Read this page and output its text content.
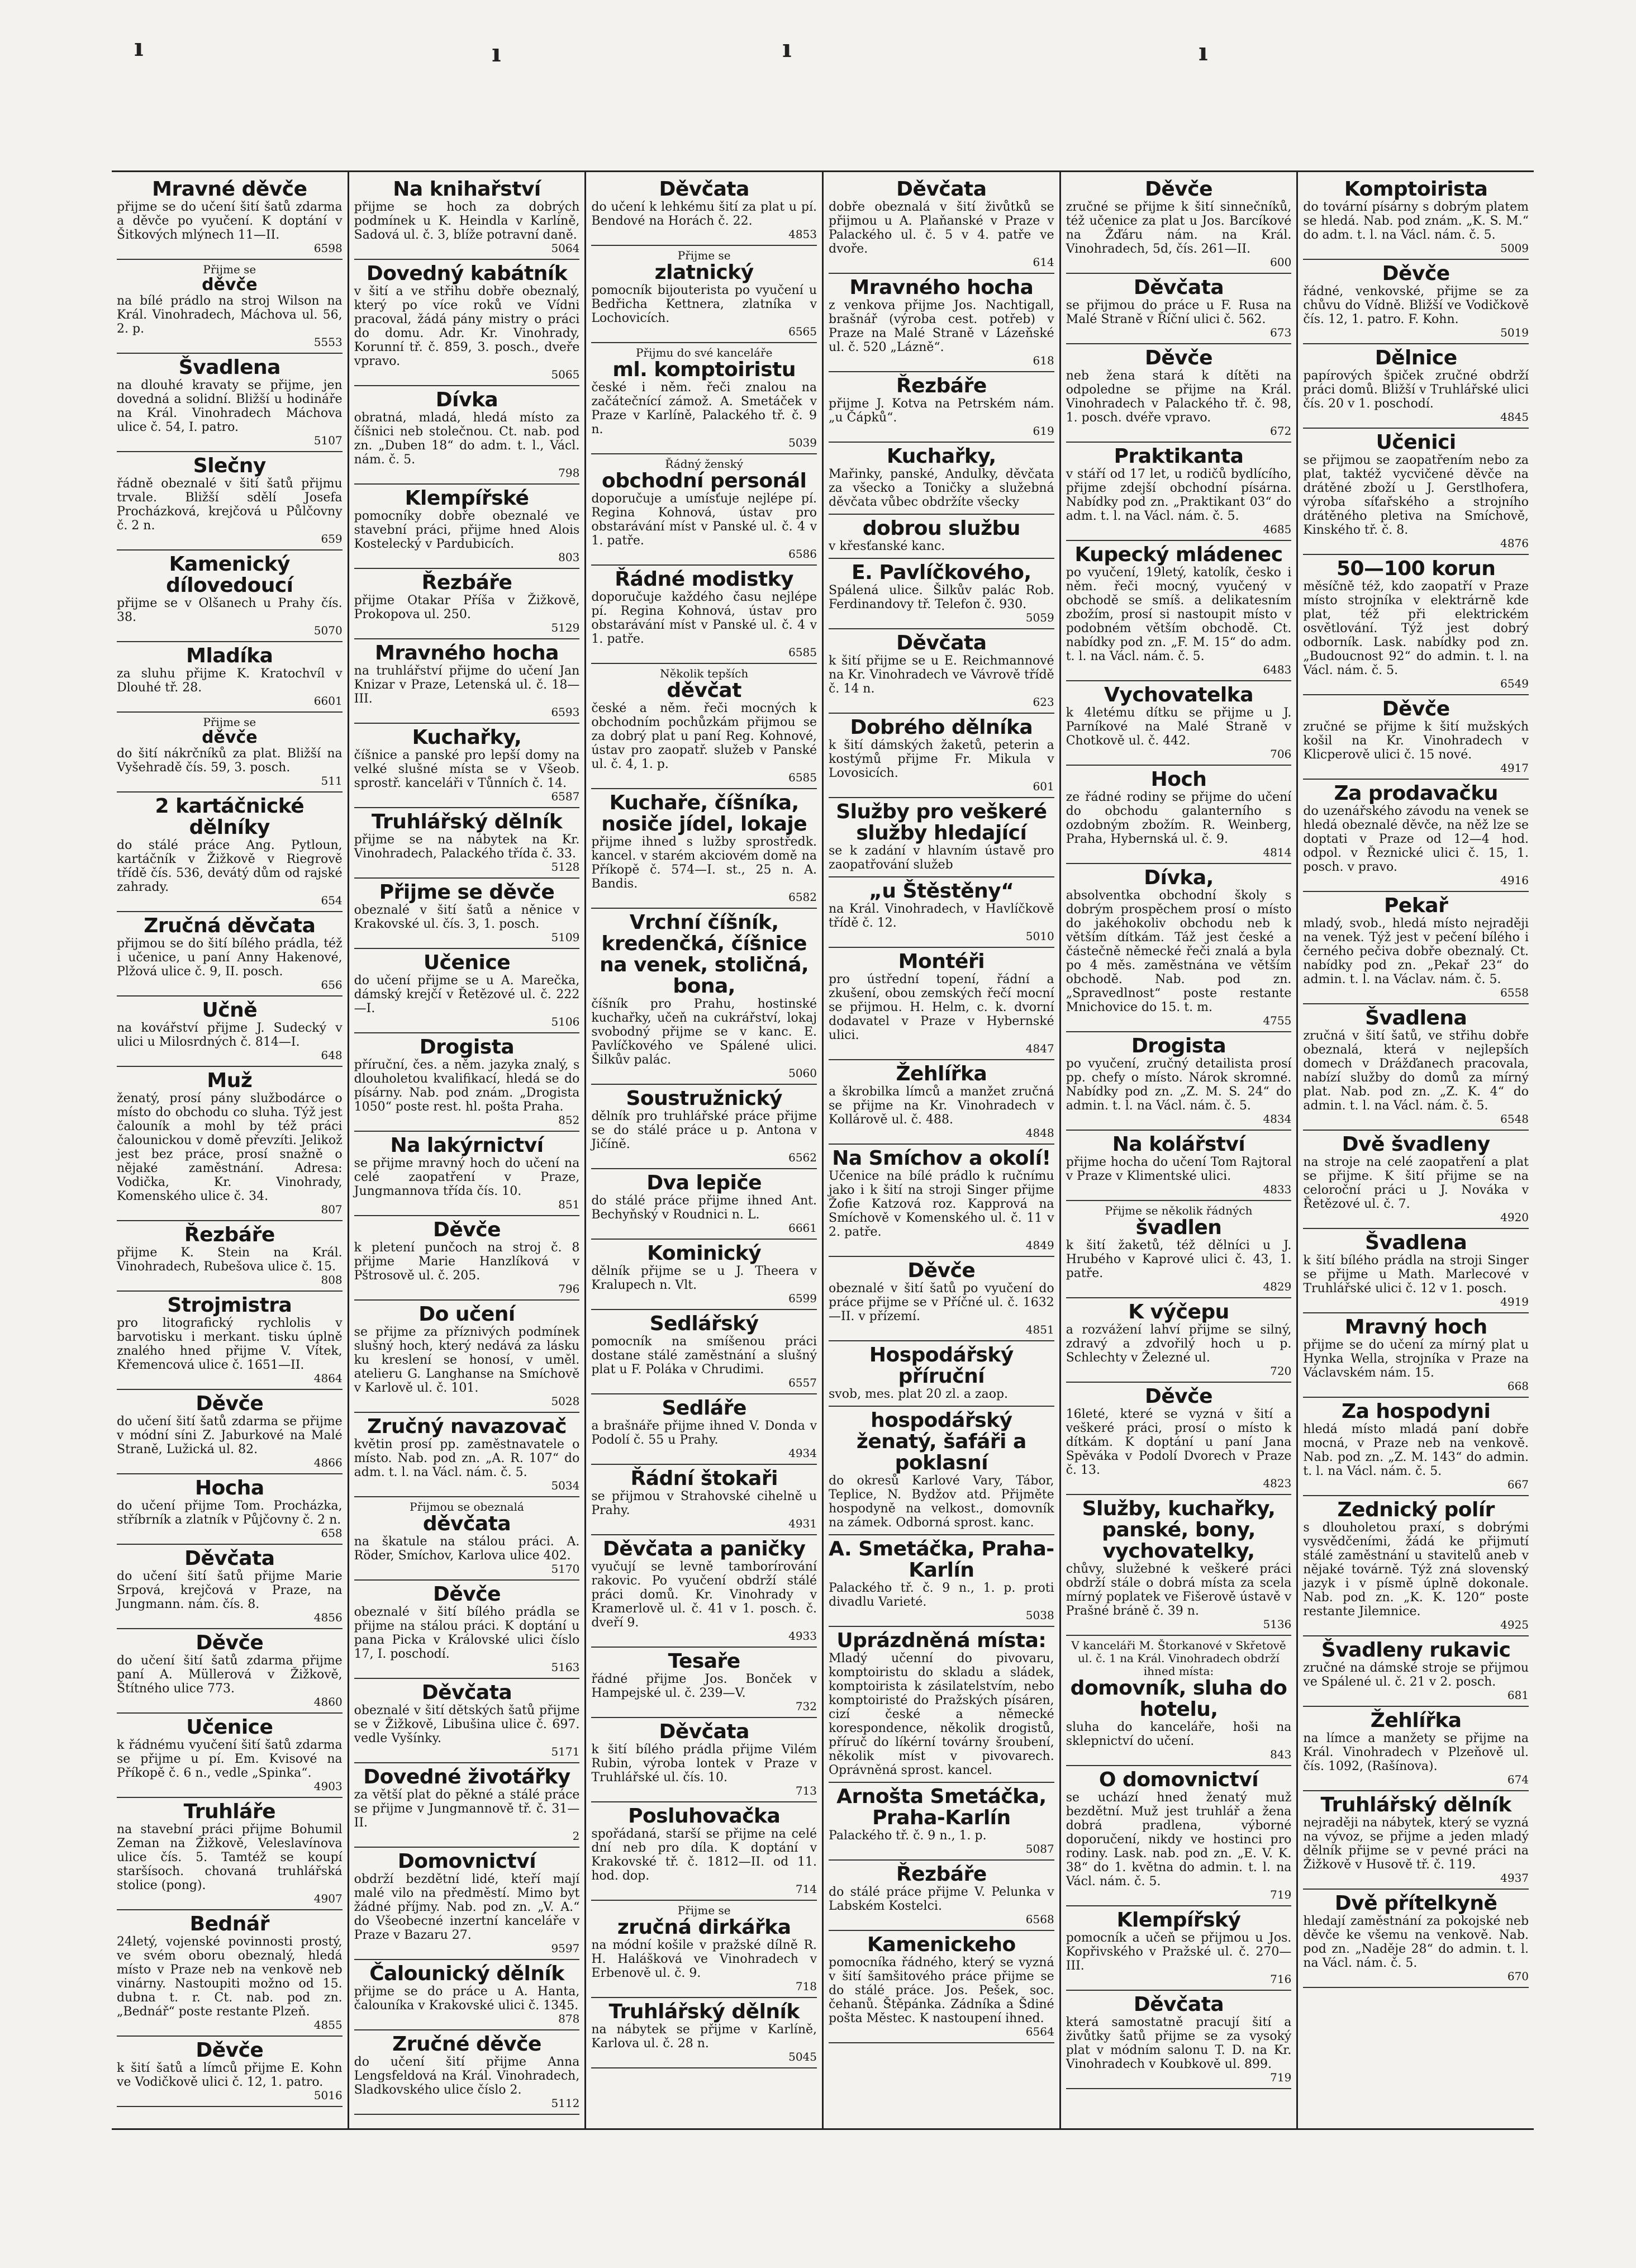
ı	ı	ı	ı
Mravné děvče
přijme se do učení šití šatů zdarma a děvče po vyučení. K doptání v Šitkových mlýnech 11—II.
6598
Přijme se
děvče
na bílé prádlo na stroj Wilson na Král. Vinohradech, Máchova ul. 56, 2. p.
5553
Švadlena
na dlouhé kravaty se přijme, jen dovedná a solidní. Bližší u hodináře na Král. Vinohradech Máchova ulice č. 54, I. patro.
5107
Slečny
řádně obeznalé v šití šatů přijmu trvale. Bližší sdělí Josefa Procházková, krejčová u Půlčovny č. 2 n.
659
Kamenický dílovedoucí
přijme se v Olšanech u Prahy čís. 38.
5070
Mladíka
za sluhu přijme K. Kratochvíl v Dlouhé tř. 28.
6601
Přijme se
děvče
do šití nákrčníků za plat. Bližší na Vyšehradě čís. 59, 3. posch.
511
2 kartáčnické dělníky
do stálé práce Ang. Pytloun, kartáčník v Žižkově v Riegrově třídě čís. 536, devátý dům od rajské zahrady.
654
Zručná děvčata
přijmou se do šití bílého prádla, též i učenice, u paní Anny Hakenové, Plžová ulice č. 9, II. posch.
656
Učně
na kovářství přijme J. Sudecký v ulici u Milosrdných č. 814—I.
648
Muž
ženatý, prosí pány službodárce o místo do obchodu co sluha. Týž jest čalouník a mohl by též práci čalounickou v domě převzíti. Jelikož jest bez práce, prosí snažně o nějaké zaměstnání. Adresa: Vodička, Kr. Vinohrady, Komenského ulice č. 34.
807
Řezbáře
přijme K. Stein na Král. Vinohradech, Rubešova ulice č. 15.
808
Strojmistra
pro litografický rychlolis v barvotisku i merkant. tisku úplně znalého hned přijme V. Vítek, Křemencová ulice č. 1651—II.
4864
Děvče
do učení šití šatů zdarma se přijme v módní síni Z. Jaburkové na Malé Straně, Lužická ul. 82.
4866
Hocha
do učení přijme Tom. Procházka, stříbrník a zlatník v Půjčovny č. 2 n.
658
Děvčata
do učení šití šatů přijme Marie Srpová, krejčová v Praze, na Jungmann. nám. čís. 8.
4856
Děvče
do učení šití šatů zdarma přijme paní A. Müllerová v Žižkově, Štítného ulice 773.
4860
Učenice
k řádnému vyučení šití šatů zdarma se přijme u pí. Em. Kvisové na Příkopě č. 6 n., vedle „Spinka“.
4903
Truhláře
na stavební práci přijme Bohumil Zeman na Žižkově, Veleslavínova ulice čís. 5. Tamtéž se koupí staršísoch. chovaná truhlářská stolice (pong).
4907
Bednář
24letý, vojenské povinnosti prostý, ve svém oboru obeznalý, hledá místo v Praze neb na venkově neb vinárny. Nastoupiti možno od 15. dubna t. r. Ct. nab. pod zn. „Bednář“ poste restante Plzeň.
4855
Děvče
k šití šatů a límců přijme E. Kohn ve Vodičkově ulici č. 12, 1. patro.
5016
Na knihařství
přijme se hoch za dobrých podmínek u K. Heindla v Karlíně, Sadová ul. č. 3, blíže potravní daně.
5064
Dovedný kabátník
v šití a ve střihu dobře obeznalý, který po více roků ve Vídni pracoval, žádá pány mistry o práci do domu. Adr. Kr. Vinohrady, Korunní tř. č. 859, 3. posch., dveře vpravo.
5065
Dívka
obratná, mladá, hledá místo za číšnici neb stolečnou. Ct. nab. pod zn. „Duben 18“ do adm. t. l., Václ. nám. č. 5.
798
Klempířské
pomocníky dobře obeznalé ve stavební práci, přijme hned Alois Kostelecký v Pardubicích.
803
Řezbáře
přijme Otakar Příša v Žižkově, Prokopova ul. 250.
5129
Mravného hocha
na truhlářství přijme do učení Jan Knizar v Praze, Letenská ul. č. 18—III.
6593
Kuchařky,
číšnice a panské pro lepší domy na velké slušné místa se v Všeob. sprostř. kanceláři v Tůnních č. 14.
6587
Truhlářský dělník
přijme se na nábytek na Kr. Vinohradech, Palackého třída č. 33.
5128
Přijme se děvče
obeznalé v šití šatů a něnice v Krakovské ul. čís. 3, 1. posch.
5109
Učenice
do učení přijme se u A. Marečka, dámský krejčí v Řetězové ul. č. 222—I.
5106
Drogista
příruční, čes. a něm. jazyka znalý, s dlouholetou kvalifikací, hledá se do písárny. Nab. pod znám. „Drogista 1050“ poste rest. hl. pošta Praha.
852
Na lakýrnictví
se přijme mravný hoch do učení na celé zaopatření v Praze, Jungmannova třída čís. 10.
851
Děvče
k pletení punčoch na stroj č. 8 přijme Marie Hanzlíková v Pštrosově ul. č. 205.
796
Do učení
se přijme za příznivých podmínek slušný hoch, který nedává za lásku ku kreslení se honosí, v uměl. atelieru G. Langhanse na Smíchově v Karlově ul. č. 101.
5028
Zručný navazovač
květin prosí pp. zaměstnavatele o místo. Nab. pod zn. „A. R. 107“ do adm. t. l. na Václ. nám. č. 5.
5034
Přijmou se obeznalá
děvčata
na škatule na stálou práci. A. Röder, Smíchov, Karlova ulice 402.
5170
Děvče
obeznalé v šití bílého prádla se přijme na stálou práci. K doptání u pana Picka v Královské ulici číslo 17, I. poschodí.
5163
Děvčata
obeznalé v šití dětských šatů přijme se v Žižkově, Libušina ulice č. 697. vedle Vyšínky.
5171
Dovedné životářky
za větší plat do pěkné a stálé práce se přijme v Jungmannově tř. č. 31—II.
2
Domovnictví
obdrží bezdětní lidé, kteří mají malé vilo na předměstí. Mimo byt žádné příjmy. Nab. pod zn. „V. A.“ do Všeobecné inzertní kanceláře v Praze v Bazaru 27.
9597
Čalounický dělník
přijme se do práce u A. Hanta, čalouníka v Krakovské ulici č. 1345.
878
Zručné děvče
do učení šití přijme Anna Lengsfeldová na Král. Vinohradech, Sladkovského ulice číslo 2.
5112
Děvčata
do učení k lehkému šití za plat u pí. Bendové na Horách č. 22.
4853
Přijme se
zlatnický
pomocník bijouterista po vyučení u Bedřicha Kettnera, zlatníka v Lochovicích.
6565
Přijmu do své kanceláře
ml. komptoiristu
české i něm. řeči znalou na začátečnící zámož. A. Smetáček v Praze v Karlíně, Palackého tř. č. 9 n.
5039
Řádný ženský
obchodní personál
doporučuje a umísťuje nejlépe pí. Regina Kohnová, ústav pro obstarávání míst v Panské ul. č. 4 v 1. patře.
6586
Řádné modistky
doporučuje každého času nejlépe pí. Regina Kohnová, ústav pro obstarávání míst v Panské ul. č. 4 v 1. patře.
6585
Několik tepších
děvčat
české a něm. řeči mocných k obchodním pochůzkám přijmou se za dobrý plat u paní Reg. Kohnové, ústav pro zaopatř. služeb v Panské ul. č. 4, 1. p.
6585
Kuchaře, číšníka, nosiče jídel, lokaje
přijme ihned s lužby sprostředk. kancel. v starém akciovém domě na Příkopě č. 574—I. st., 25 n. A. Bandis.
6582
Vrchní číšník, kredenčká, číšnice na venek, stoličná, bona,
číšník pro Prahu, hostinské kuchařky, učeň na cukrářství, lokaj svobodný přijme se v kanc. E. Pavlíčkového ve Spálené ulici. Šilkův palác.
5060
Soustružnický
dělník pro truhlářské práce přijme se do stálé práce u p. Antona v Jičíně.
6562
Dva lepiče
do stálé práce přijme ihned Ant. Bechyňský v Roudnici n. L.
6661
Kominický
dělník přijme se u J. Theera v Kralupech n. Vlt.
6599
Sedlářský
pomocník na smíšenou práci dostane stálé zaměstnání a slušný plat u F. Poláka v Chrudimi.
6557
Sedláře
a brašnáře přijme ihned V. Donda v Podolí č. 55 u Prahy.
4934
Řádní štokaři
se přijmou v Strahovské cihelně u Prahy.
4931
Děvčata a paničky
vyučují se levně tamborírování rakovic. Po vyučení obdrží stálé práci domů. Kr. Vinohrady v Kramerlově ul. č. 41 v 1. posch. č. dveří 9.
4933
Tesaře
řádné přijme Jos. Bonček v Hampejské ul. č. 239—V.
732
Děvčata
k šití bílého prádla přijme Vilém Rubin, výroba lontek v Praze v Truhlářské ul. čís. 10.
713
Posluhovačka
spořádaná, starší se přijme na celé dní neb pro díla. K doptání v Krakovské tř. č. 1812—II. od 11. hod. dop.
714
Přijme se
zručná dirkářka
na módní košile v pražské dílně R. H. Halášková ve Vinohradech v Erbenově ul. č. 9.
718
Truhlářský dělník
na nábytek se přijme v Karlíně, Karlova ul. č. 28 n.
5045
Děvčata
dobře obeznalá v šití živůtků se přijmou u A. Plaňanské v Praze v Palackého ul. č. 5 v 4. patře ve dvoře.
614
Mravného hocha
z venkova přijme Jos. Nachtigall, brašnář (výroba cest. potřeb) v Praze na Malé Straně v Lázeňské ul. č. 520 „Lázně“.
618
Řezbáře
přijme J. Kotva na Petrském nám. „u Čápků“.
619
Kuchařky,
Mařinky, panské, Andulky, děvčata za všecko a Toničky a služebná děvčata vůbec obdržíte všecky
dobrou službu
v křesťanské kanc.
E. Pavlíčkového,
Spálená ulice. Šilkův palác Rob. Ferdinandovy tř. Telefon č. 930.
5059
Děvčata
k šití přijme se u E. Reichmannové na Kr. Vinohradech ve Vávrově třídě č. 14 n.
623
Dobrého dělníka
k šití dámských žaketů, peterin a kostýmů přijme Fr. Mikula v Lovosicích.
601
Služby pro veškeré služby hledající
se k zadání v hlavním ústavě pro zaopatřování služeb
„u Štěstěny“
na Král. Vinohradech, v Havlíčkově třídě č. 12.
5010
Montéři
pro ústřední topení, řádní a zkušení, obou zemských řečí mocní se přijmou. H. Helm, c. k. dvorní dodavatel v Praze v Hybernské ulici.
4847
Žehlířka
a škrobilka límců a manžet zručná se přijme na Kr. Vinohradech v Kollárově ul. č. 488.
4848
Na Smíchov a okolí!
Učenice na bílé prádlo k ručnímu jako i k šití na stroji Singer přijme Žofie Katzová roz. Kapprová na Smíchově v Komenského ul. č. 11 v 2. patře.
4849
Děvče
obeznalé v šití šatů po vyučení do práce přijme se v Příčné ul. č. 1632—II. v přízemí.
4851
Hospodářský příruční
svob, mes. plat 20 zl. a zaop.
hospodářský ženatý, šafáři a poklasní
do okresů Karlové Vary, Tábor, Teplice, N. Bydžov atd. Přijměte hospodyně na velkost., domovník na zámek. Odborná sprost. kanc.
A. Smetáčka, Praha-Karlín
Palackého tř. č. 9 n., 1. p. proti divadlu Varieté.
5038
Uprázdněná místa:
Mladý učenní do pivovaru, komptoiristu do skladu a sládek, komptoirista k zásilatelstvím, nebo komptoiristé do Pražských písáren, cizí české a německé korespondence, několik drogistů, příruč do líkérní továrny šroubení, několik míst v pivovarech. Oprávněná sprost. kancel.
Arnošta Smetáčka, Praha-Karlín
Palackého tř. č. 9 n., 1. p.
5087
Řezbáře
do stálé práce přijme V. Pelunka v Labském Kostelci.
6568
Kamenickeho
pomocníka řádného, který se vyzná v šití šamšitového práce přijme se do stálé práce. Jos. Pešek, soc. čehanů. Štěpánka. Zádníka a Šdiné pošta Městec. K nastoupení ihned.
6564
Děvče
zručné se přijme k šití sinnečníků, též učenice za plat u Jos. Barcíkové na Žďáru nám. na Král. Vinohradech, 5d, čís. 261—II.
600
Děvčata
se přijmou do práce u F. Rusa na Malé Straně v Říční ulici č. 562.
673
Děvče
neb žena stará k dítěti na odpoledne se přijme na Král. Vinohradech v Palackého tř. č. 98, 1. posch. dvéře vpravo.
672
Praktikanta
v stáří od 17 let, u rodičů bydlícího, přijme zdejší obchodní písárna. Nabídky pod zn. „Praktikant 03“ do adm. t. l. na Václ. nám. č. 5.
4685
Kupecký mládenec
po vyučení, 19letý, katolík, česko i něm. řeči mocný, vyučený v obchodě se smíš. a delikatesním zbožím, prosí si nastoupit místo v podobném větším obchodě. Ct. nabídky pod zn. „F. M. 15“ do adm. t. l. na Václ. nám. č. 5.
6483
Vychovatelka
k 4letému dítku se přijme u J. Parníkové na Malé Straně v Chotkově ul. č. 442.
706
Hoch
ze řádné rodiny se přijme do učení do obchodu galanterního s ozdobným zbožím. R. Weinberg, Praha, Hybernská ul. č. 9.
4814
Dívka,
absolventka obchodní školy s dobrým prospěchem prosí o místo do jakéhokoliv obchodu neb k větším dítkám. Táž jest české a částečně německé řeči znalá a byla po 4 měs. zaměstnána ve větším obchodě. Nab. pod zn. „Spravedlnost“ poste restante Mnichovice do 15. t. m.
4755
Drogista
po vyučení, zručný detailista prosí pp. chefy o místo. Nárok skromné. Nabídky pod zn. „Z. M. S. 24“ do admin. t. l. na Václ. nám. č. 5.
4834
Na kolářství
přijme hocha do učení Tom Rajtoral v Praze v Klimentské ulici.
4833
Přijme se několik řádných
švadlen
k šití žaketů, též dělníci u J. Hrubého v Kaprové ulici č. 43, 1. patře.
4829
K výčepu
a rozvážení lahví přijme se silný, zdravý a zdvořilý hoch u p. Schlechty v Železné ul.
720
Děvče
16leté, které se vyzná v šití a veškeré práci, prosí o místo k dítkám. K doptání u paní Jana Spěváka v Podolí Dvorech v Praze č. 13.
4823
Služby, kuchařky, panské, bony, vychovatelky,
chůvy, služebné k veškeré práci obdrží stále o dobrá místa za scela mírný poplatek ve Fišerově ústavě v Prašné bráně č. 39 n.
5136
V kanceláři M. Štorkanové v Skřetově ul. č. 1 na Král. Vinohradech obdrží ihned místa:
domovník, sluha do hotelu,
sluha do kanceláře, hoši na sklepnictví do učení.
843
O domovnictví
se uchází hned ženatý muž bezdětní. Muž jest truhlář a žena dobrá pradlena, výborné doporučení, nikdy ve hostinci pro rodiny. Lask. nab. pod zn. „E. V. K. 38“ do 1. května do admin. t. l. na Václ. nám. č. 5.
719
Klempířský
pomocník a učeň se přijmou u Jos. Kopřivského v Pražské ul. č. 270—III.
716
Děvčata
která samostatně pracují šití a živůtky šatů přijme se za vysoký plat v módním salonu T. D. na Kr. Vinohradech v Koubkově ul. 899.
719
Komptoirista
do tovární písárny s dobrým platem se hledá. Nab. pod znám. „K. S. M.“ do adm. t. l. na Václ. nám. č. 5.
5009
Děvče
řádné, venkovské, přijme se za chůvu do Vídně. Bližší ve Vodičkově čís. 12, 1. patro. F. Kohn.
5019
Dělnice
papírových špiček zručné obdrží práci domů. Bližší v Truhlářské ulici čís. 20 v 1. poschodí.
4845
Učenici
se přijmou se zaopatřením nebo za plat, taktéž vycvičené děvče na drátěné zboží u J. Gerstlhofera, výroba síťařského a strojního drátěného pletiva na Smíchově, Kinského tř. č. 8.
4876
50—100 korun
měsíčně též, kdo zaopatří v Praze místo strojníka v elektrárně kde plat, též při elektrickém osvětlování. Týž jest dobrý odborník. Lask. nabídky pod zn. „Budoucnost 92“ do admin. t. l. na Václ. nám. č. 5.
6549
Děvče
zručné se přijme k šití mužských košil na Kr. Vinohradech v Klicperově ulici č. 15 nové.
4917
Za prodavačku
do uzenářského závodu na venek se hledá obeznalé děvče, na něž lze se doptati v Praze od 12—4 hod. odpol. v Řeznické ulici č. 15, 1. posch. v pravo.
4916
Pekař
mladý, svob., hledá místo nejraději na venek. Týž jest v pečení bílého i černého pečiva dobře obeznalý. Ct. nabídky pod zn. „Pekař 23“ do admin. t. l. na Václav. nám. č. 5.
6558
Švadlena
zručná v šití šatů, ve střihu dobře obeznalá, která v nejlepších domech v Drážďanech pracovala, nabízí služby do domů za mírný plat. Nab. pod zn. „Z. K. 4“ do admin. t. l. na Václ. nám. č. 5.
6548
Dvě švadleny
na stroje na celé zaopatření a plat se přijme. K šití přijme se na celoroční práci u J. Nováka v Řetězové ul. č. 7.
4920
Švadlena
k šití bílého prádla na stroji Singer se přijme u Math. Marlecové v Truhlářské ulici č. 12 v 1. posch.
4919
Mravný hoch
přijme se do učení za mírný plat u Hynka Wella, strojníka v Praze na Václavském nám. 15.
668
Za hospodyni
hledá místo mladá paní dobře mocná, v Praze neb na venkově. Nab. pod zn. „Z. M. 143“ do admin. t. l. na Václ. nám. č. 5.
667
Zednický polír
s dlouholetou praxí, s dobrými vysvědčeními, žádá ke přijmutí stálé zaměstnání u stavitelů aneb v nějaké továrně. Týž zná slovenský jazyk i v písmě úplně dokonale. Nab. pod zn. „K. K. 120“ poste restante Jilemnice.
4925
Švadleny rukavic
zručné na dámské stroje se přijmou ve Spálené ul. č. 21 v 2. posch.
681
Žehlířka
na límce a manžety se přijme na Král. Vinohradech v Plzeňově ul. čís. 1092, (Rašínova).
674
Truhlářský dělník
nejraději na nábytek, který se vyzná na vývoz, se přijme a jeden mladý dělník přijme se v pevné práci na Žižkově v Husově tř. č. 119.
4937
Dvě přítelkyně
hledají zaměstnání za pokojské neb děvče ke všemu na venkově. Nab. pod zn. „Naděje 28“ do admin. t. l. na Václ. nám. č. 5.
670
